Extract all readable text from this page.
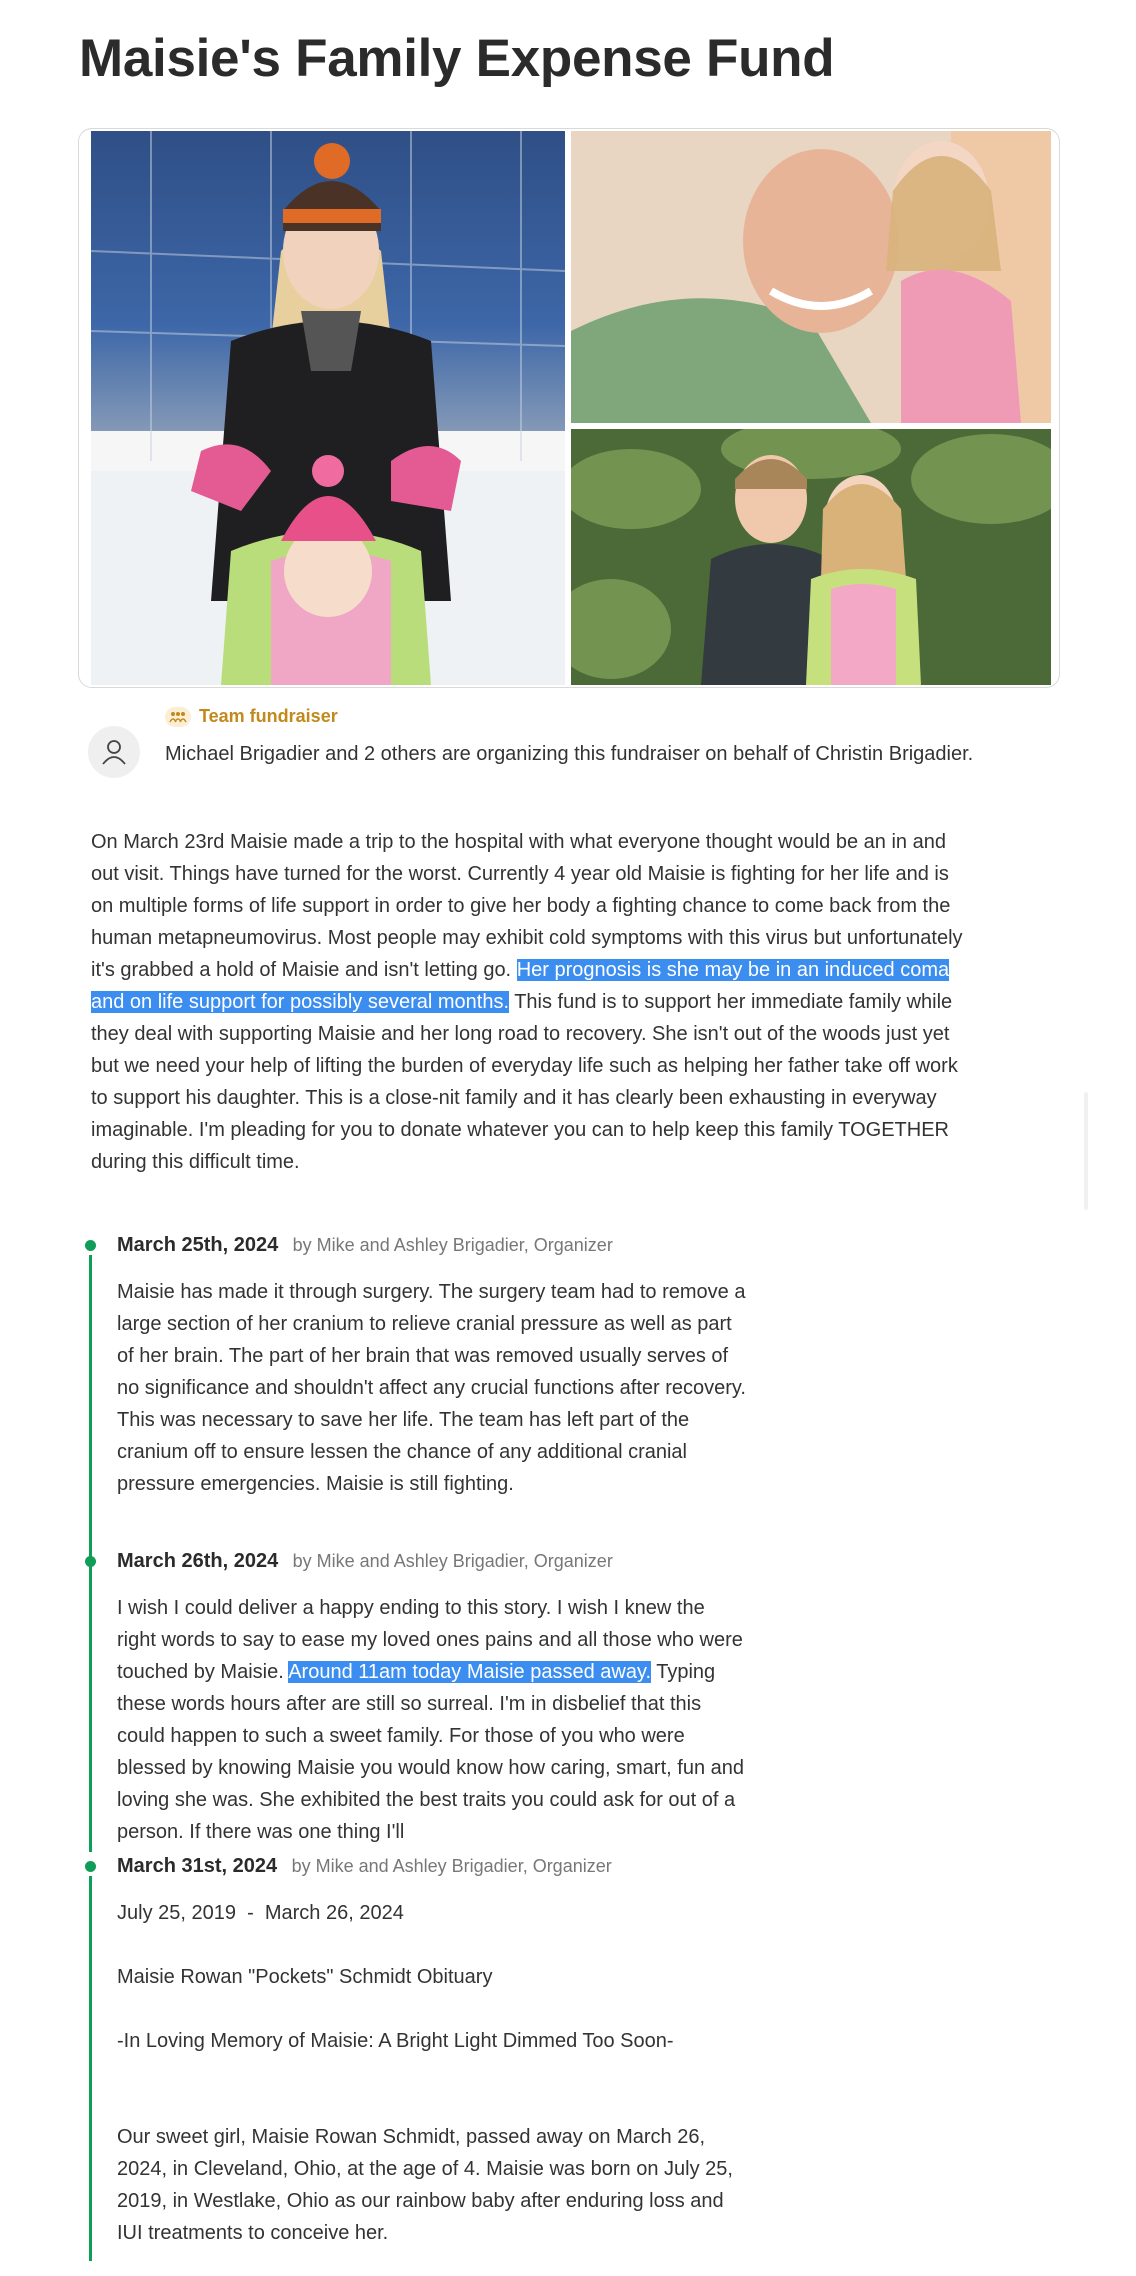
Maisie's Family Expense Fund
Team fundraiser
Michael Brigadier and 2 others are organizing this fundraiser on behalf of Christin Brigadier.

On March 23rd Maisie made a trip to the hospital with what everyone thought would be an in and out visit. Things have turned for the worst. Currently 4 year old Maisie is fighting for her life and is on multiple forms of life support in order to give her body a fighting chance to come back from the human metapneumovirus. Most people may exhibit cold symptoms with this virus but unfortunately it's grabbed a hold of Maisie and isn't letting go. Her prognosis is she may be in an induced coma and on life support for possibly several months. This fund is to support her immediate family while they deal with supporting Maisie and her long road to recovery. She isn't out of the woods just yet but we need your help of lifting the burden of everyday life such as helping her father take off work to support his daughter. This is a close-nit family and it has clearly been exhausting in everyway imaginable. I'm pleading for you to donate whatever you can to help keep this family TOGETHER during this difficult time.

March 25th, 2024 by Mike and Ashley Brigadier, Organizer

Maisie has made it through surgery. The surgery team had to remove a large section of her cranium to relieve cranial pressure as well as part of her brain. The part of her brain that was removed usually serves of no significance and shouldn't affect any crucial functions after recovery. This was necessary to save her life. The team has left part of the cranium off to ensure lessen the chance of any additional cranial pressure emergencies. Maisie is still fighting.

March 26th, 2024 by Mike and Ashley Brigadier, Organizer

I wish I could deliver a happy ending to this story. I wish I knew the right words to say to ease my loved ones pains and all those who were touched by Maisie. Around 11am today Maisie passed away. Typing these words hours after are still so surreal. I'm in disbelief that this could happen to such a sweet family. For those of you who were blessed by knowing Maisie you would know how caring, smart, fun and loving she was. She exhibited the best traits you could ask for out of a person. If there was one thing I'll

March 31st, 2024 by Mike and Ashley Brigadier, Organizer

July 25, 2019  -  March 26, 2024

Maisie Rowan "Pockets" Schmidt Obituary

-In Loving Memory of Maisie: A Bright Light Dimmed Too Soon-

Our sweet girl, Maisie Rowan Schmidt, passed away on March 26, 2024, in Cleveland, Ohio, at the age of 4. Maisie was born on July 25, 2019, in Westlake, Ohio as our rainbow baby after enduring loss and IUI treatments to conceive her.
